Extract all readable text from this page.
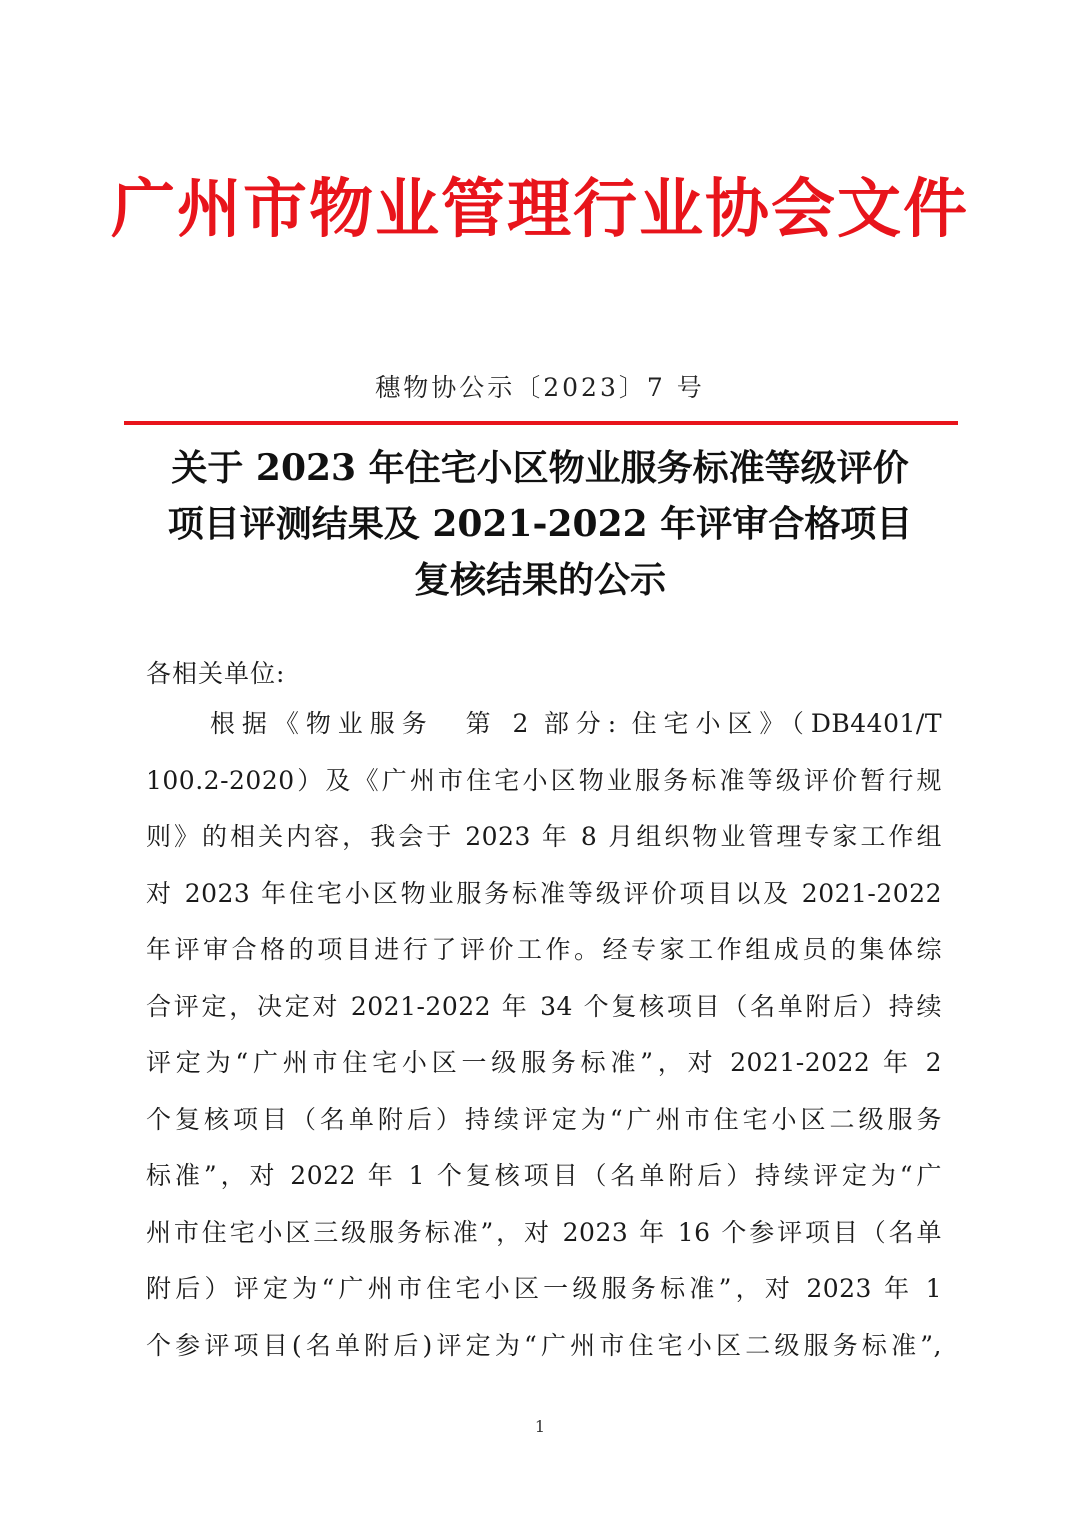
广州市物业管理行业协会文件
穗物协公示〔2023〕7 号
关于 2023 年住宅小区物业服务标准等级评价
项目评测结果及 2021-2022 年评审合格项目
复核结果的公示
各相关单位:
　　根据《物业服务　第 2 部分: 住宅小区》（DB4401/T
100.2-2020）及《广州市住宅小区物业服务标准等级评价暂行规
则》的相关内容，我会于 2023 年 8 月组织物业管理专家工作组
对 2023 年住宅小区物业服务标准等级评价项目以及 2021-2022
年评审合格的项目进行了评价工作。经专家工作组成员的集体综
合评定，决定对 2021-2022 年 34 个复核项目（名单附后）持续
评定为“广州市住宅小区一级服务标准”，对 2021-2022 年 2
个复核项目（名单附后）持续评定为“广州市住宅小区二级服务
标准”，对 2022 年 1 个复核项目（名单附后）持续评定为“广
州市住宅小区三级服务标准”，对 2023 年 16 个参评项目（名单
附后）评定为“广州市住宅小区一级服务标准”，对 2023 年 1
个参评项目(名单附后)评定为“广州市住宅小区二级服务标准”,
1
